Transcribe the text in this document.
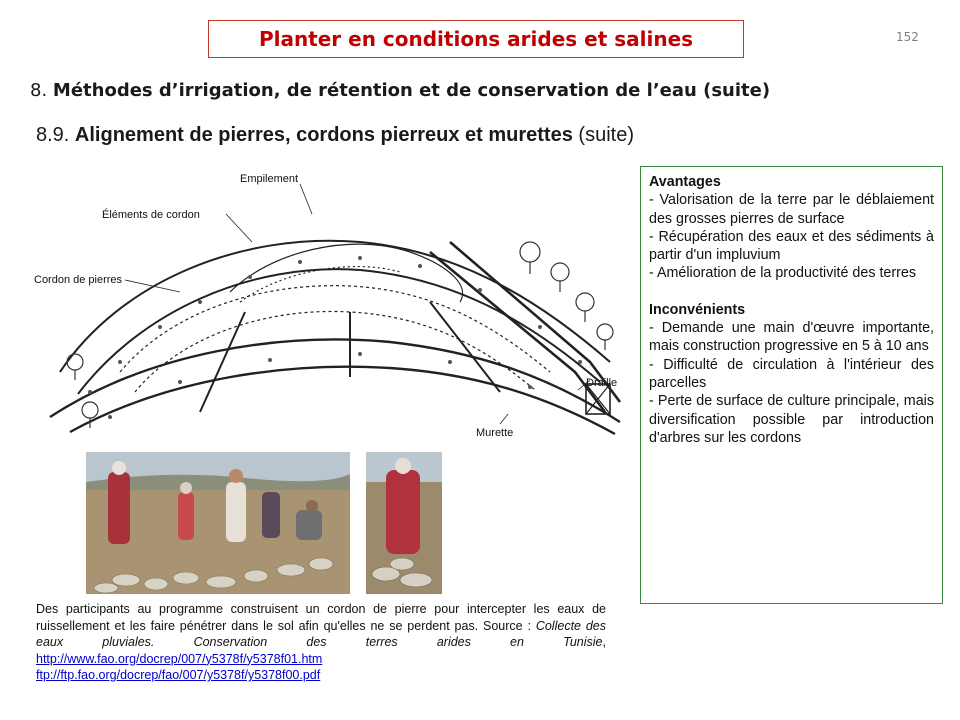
Planter en conditions arides et salines	152
8. Méthodes d’irrigation, de rétention et de conservation de l’eau (suite)
8.9. Alignement de pierres, cordons pierreux et murettes (suite)
Empilement
Éléments de cordon
Cordon de pierres
Draille
Murette
Des participants au programme construisent un cordon de pierre pour intercepter les eaux de ruissellement et les faire pénétrer dans le sol afin qu'elles ne se perdent pas. Source : Collecte des eaux pluviales. Conservation des terres arides en Tunisie, http://www.fao.org/docrep/007/y5378f/y5378f01.htm ftp://ftp.fao.org/docrep/fao/007/y5378f/y5378f00.pdf
Avantages
- Valorisation de la terre par le déblaiement des grosses pierres de surface
- Récupération des eaux et des sédiments à partir d'un impluvium
- Amélioration de la productivité des terres
Inconvénients
- Demande une main d'œuvre importante, mais construction progressive en 5 à 10 ans
- Difficulté de circulation à l'intérieur des parcelles
- Perte de surface de culture principale, mais diversification possible par introduction d'arbres sur les cordons
